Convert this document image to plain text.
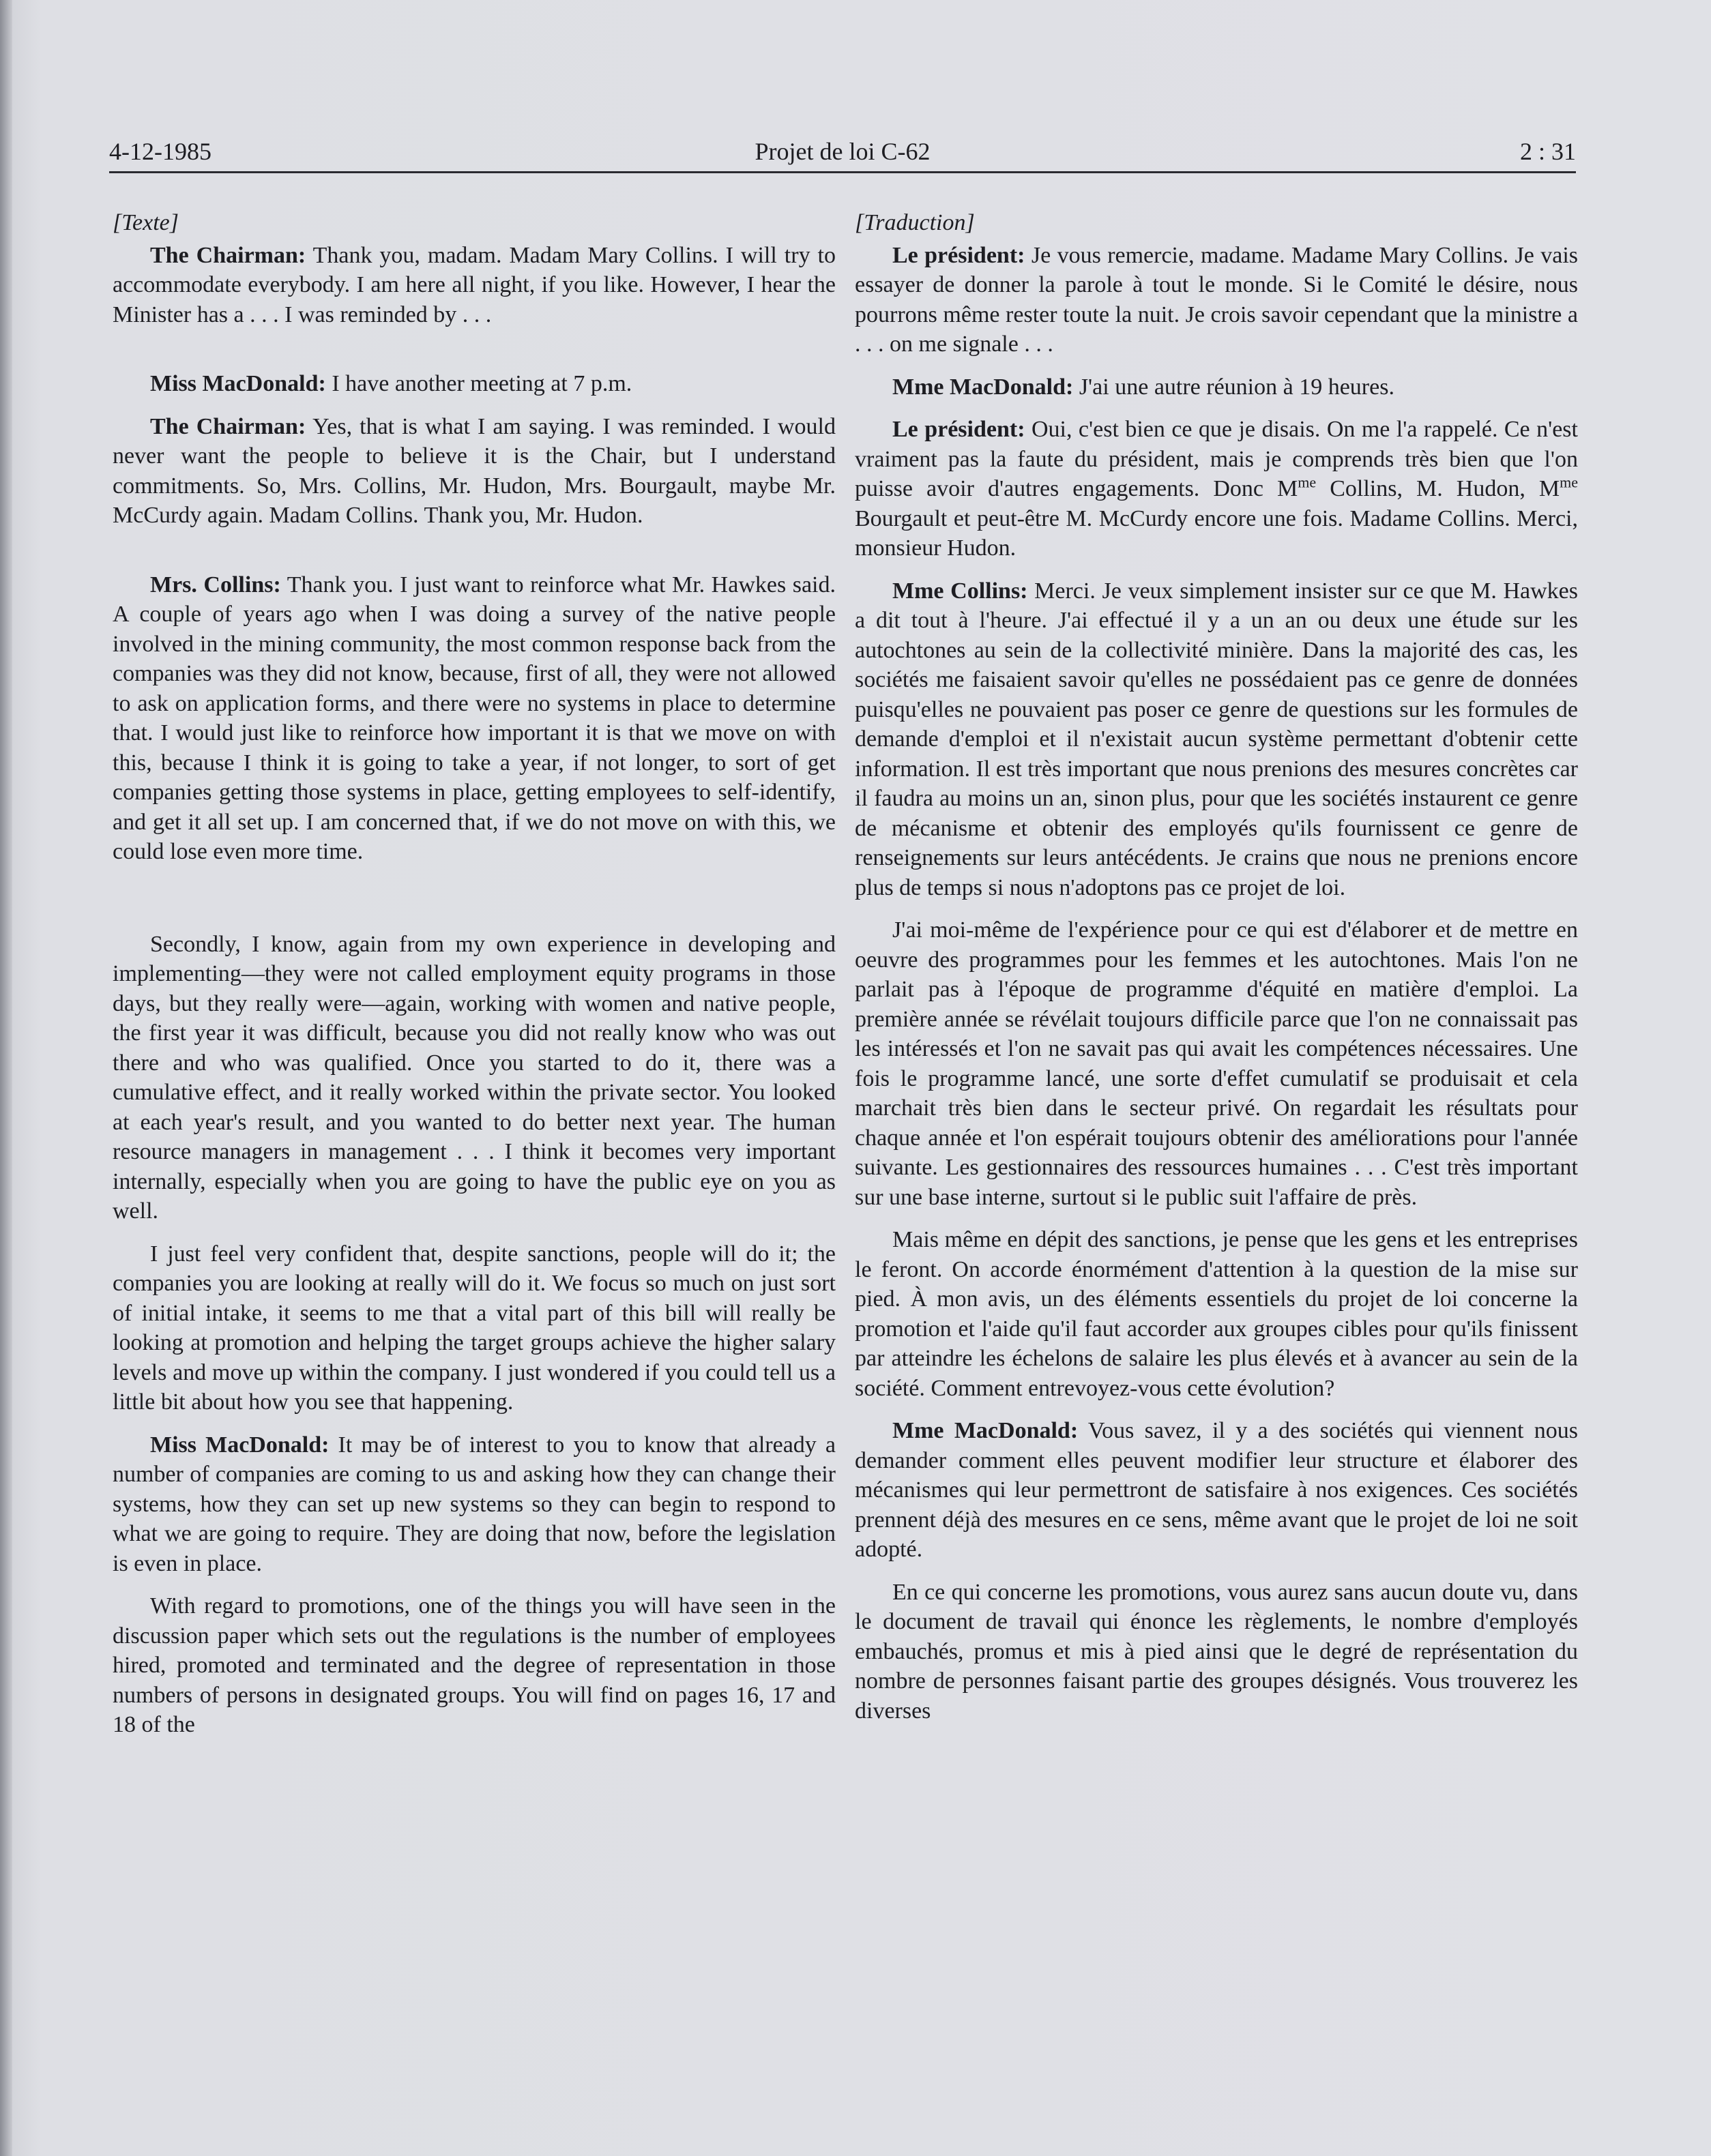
4-12-1985	Projet de loi C-62	2 : 31
[Texte]

The Chairman: Thank you, madam. Madam Mary Collins. I will try to accommodate everybody. I am here all night, if you like. However, I hear the Minister has a . . . I was reminded by . . .

Miss MacDonald: I have another meeting at 7 p.m.

The Chairman: Yes, that is what I am saying. I was reminded. I would never want the people to believe it is the Chair, but I understand commitments. So, Mrs. Collins, Mr. Hudon, Mrs. Bourgault, maybe Mr. McCurdy again. Madam Collins. Thank you, Mr. Hudon.

Mrs. Collins: Thank you. I just want to reinforce what Mr. Hawkes said. A couple of years ago when I was doing a survey of the native people involved in the mining community, the most common response back from the companies was they did not know, because, first of all, they were not allowed to ask on application forms, and there were no systems in place to determine that. I would just like to reinforce how important it is that we move on with this, because I think it is going to take a year, if not longer, to sort of get companies getting those systems in place, getting employees to self-identify, and get it all set up. I am concerned that, if we do not move on with this, we could lose even more time.

Secondly, I know, again from my own experience in developing and implementing—they were not called employment equity programs in those days, but they really were—again, working with women and native people, the first year it was difficult, because you did not really know who was out there and who was qualified. Once you started to do it, there was a cumulative effect, and it really worked within the private sector. You looked at each year's result, and you wanted to do better next year. The human resource managers in management . . . I think it becomes very important internally, especially when you are going to have the public eye on you as well.

I just feel very confident that, despite sanctions, people will do it; the companies you are looking at really will do it. We focus so much on just sort of initial intake, it seems to me that a vital part of this bill will really be looking at promotion and helping the target groups achieve the higher salary levels and move up within the company. I just wondered if you could tell us a little bit about how you see that happening.

Miss MacDonald: It may be of interest to you to know that already a number of companies are coming to us and asking how they can change their systems, how they can set up new systems so they can begin to respond to what we are going to require. They are doing that now, before the legislation is even in place.

With regard to promotions, one of the things you will have seen in the discussion paper which sets out the regulations is the number of employees hired, promoted and terminated and the degree of representation in those numbers of persons in designated groups. You will find on pages 16, 17 and 18 of the

[Traduction]

Le président: Je vous remercie, madame. Madame Mary Collins. Je vais essayer de donner la parole à tout le monde. Si le Comité le désire, nous pourrons même rester toute la nuit. Je crois savoir cependant que la ministre a . . . on me signale . . .

Mme MacDonald: J'ai une autre réunion à 19 heures.

Le président: Oui, c'est bien ce que je disais. On me l'a rappelé. Ce n'est vraiment pas la faute du président, mais je comprends très bien que l'on puisse avoir d'autres engagements. Donc $M^{me}$ Collins, M. Hudon, $M^{me}$ Bourgault et peut-être M. McCurdy encore une fois. Madame Collins. Merci, monsieur Hudon.

Mme Collins: Merci. Je veux simplement insister sur ce que M. Hawkes a dit tout à l'heure. J'ai effectué il y a un an ou deux une étude sur les autochtones au sein de la collectivité minière. Dans la majorité des cas, les sociétés me faisaient savoir qu'elles ne possédaient pas ce genre de données puisqu'elles ne pouvaient pas poser ce genre de questions sur les formules de demande d'emploi et il n'existait aucun système permettant d'obtenir cette information. Il est très important que nous prenions des mesures concrètes car il faudra au moins un an, sinon plus, pour que les sociétés instaurent ce genre de mécanisme et obtenir des employés qu'ils fournissent ce genre de renseignements sur leurs antécédents. Je crains que nous ne prenions encore plus de temps si nous n'adoptons pas ce projet de loi.

J'ai moi-même de l'expérience pour ce qui est d'élaborer et de mettre en oeuvre des programmes pour les femmes et les autochtones. Mais l'on ne parlait pas à l'époque de programme d'équité en matière d'emploi. La première année se révélait toujours difficile parce que l'on ne connaissait pas les intéressés et l'on ne savait pas qui avait les compétences nécessaires. Une fois le programme lancé, une sorte d'effet cumulatif se produisait et cela marchait très bien dans le secteur privé. On regardait les résultats pour chaque année et l'on espérait toujours obtenir des améliorations pour l'année suivante. Les gestionnaires des ressources humaines . . . C'est très important sur une base interne, surtout si le public suit l'affaire de près.

Mais même en dépit des sanctions, je pense que les gens et les entreprises le feront. On accorde énormément d'attention à la question de la mise sur pied. À mon avis, un des éléments essentiels du projet de loi concerne la promotion et l'aide qu'il faut accorder aux groupes cibles pour qu'ils finissent par atteindre les échelons de salaire les plus élevés et à avancer au sein de la société. Comment entrevoyez-vous cette évolution?

Mme MacDonald: Vous savez, il y a des sociétés qui viennent nous demander comment elles peuvent modifier leur structure et élaborer des mécanismes qui leur permettront de satisfaire à nos exigences. Ces sociétés prennent déjà des mesures en ce sens, même avant que le projet de loi ne soit adopté.

En ce qui concerne les promotions, vous aurez sans aucun doute vu, dans le document de travail qui énonce les règlements, le nombre d'employés embauchés, promus et mis à pied ainsi que le degré de représentation du nombre de personnes faisant partie des groupes désignés. Vous trouverez les diverses
